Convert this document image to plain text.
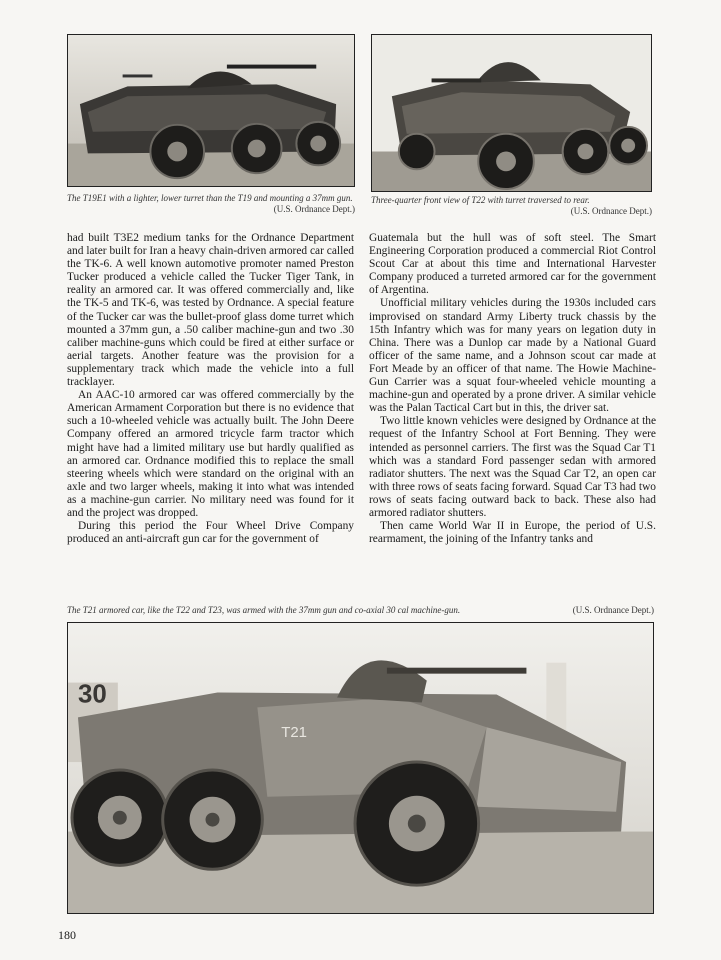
The T19E1 with a lighter, lower turret than the T19 and mounting a 37mm gun.
(U.S. Ordnance Dept.)
Three-quarter front view of T22 with turret traversed to rear.

(U.S. Ordnance Dept.)

had built T3E2 medium tanks for the Ordnance Department and later built for Iran a heavy chain-driven armored car called the TK-6. A well known automotive promoter named Preston Tucker produced a vehicle called the Tucker Tiger Tank, in reality an armored car. It was offered commercially and, like the TK-5 and TK-6, was tested by Ordnance. A special feature of the Tucker car was the bullet-proof glass dome turret which mounted a 37mm gun, a .50 caliber machine-gun and two .30 caliber machine-guns which could be fired at either surface or aerial targets. Another feature was the provision for a supplementary track which made the vehicle into a full tracklayer.

An AAC-10 armored car was offered commercially by the American Armament Corporation but there is no evidence that such a 10-wheeled vehicle was actually built. The John Deere Company offered an armored tricycle farm tractor which might have had a limited military use but hardly qualified as an armored car. Ordnance modified this to replace the small steering wheels which were standard on the original with an axle and two larger wheels, making it into what was intended as a machine-gun carrier. No military need was found for it and the project was dropped.

During this period the Four Wheel Drive Company produced an anti-aircraft gun car for the government of

Guatemala but the hull was of soft steel. The Smart Engineering Corporation produced a commercial Riot Control Scout Car at about this time and International Harvester Company produced a turreted armored car for the government of Argentina.

Unofficial military vehicles during the 1930s included cars improvised on standard Army Liberty truck chassis by the 15th Infantry which was for many years on legation duty in China. There was a Dunlop car made by a National Guard officer of the same name, and a Johnson scout car made at Fort Meade by an officer of that name. The Howie Machine-Gun Carrier was a squat four-wheeled vehicle mounting a machine-gun and operated by a prone driver. A similar vehicle was the Palan Tactical Cart but in this, the driver sat.

Two little known vehicles were designed by Ordnance at the request of the Infantry School at Fort Benning. They were intended as personnel carriers. The first was the Squad Car T1 which was a standard Ford passenger sedan with armored radiator shutters. The next was the Squad Car T2, an open car with three rows of seats facing forward. Squad Car T3 had two rows of seats facing outward back to back. These also had armored radiator shutters.

Then came World War II in Europe, the period of U.S. rearmament, the joining of the Infantry tanks and

The T21 armored car, like the T22 and T23, was armed with the 37mm gun and co-axial 30 cal machine-gun.	(U.S. Ordnance Dept.)
30
T21
180
